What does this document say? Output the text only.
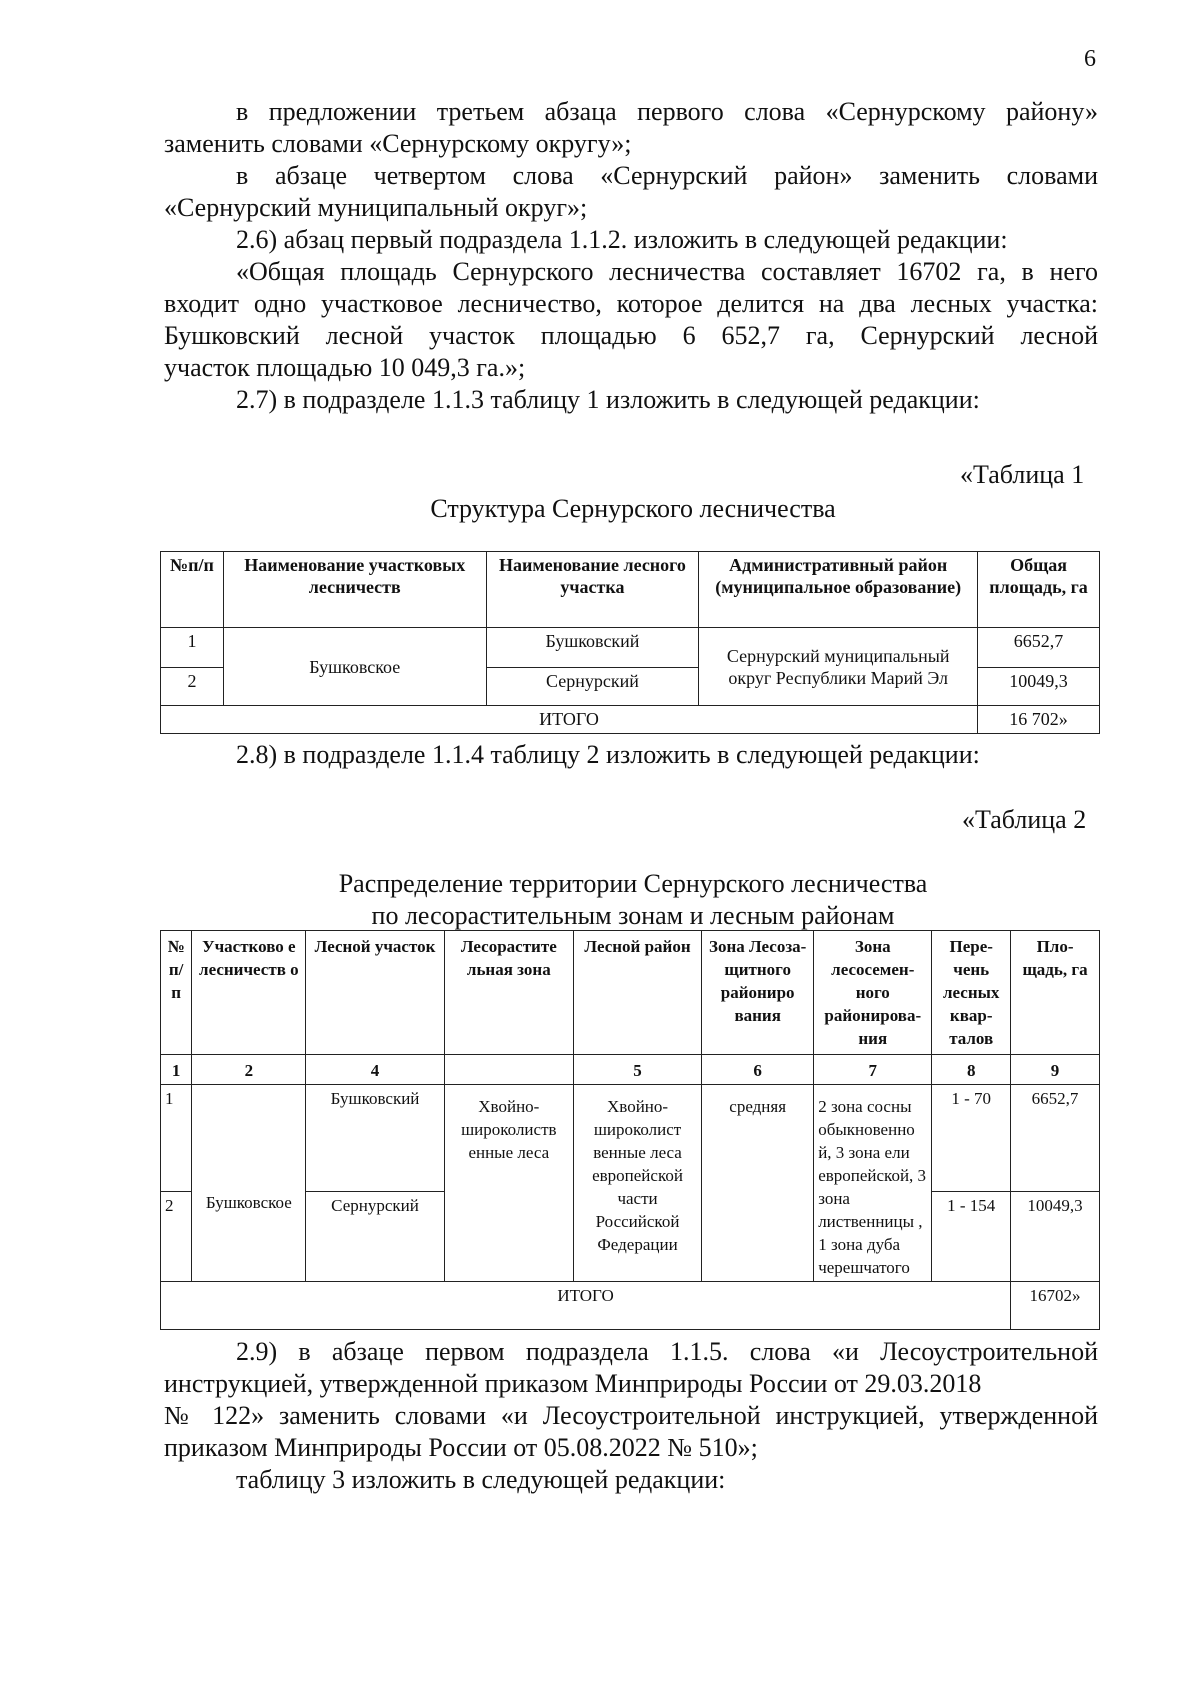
6

в предложении третьем абзаца первого слова «Сернурскому району»

заменить словами «Сернурскому округу»;

в абзаце четвертом слова «Сернурский район» заменить словами

«Сернурский муниципальный округ»;

2.6) абзац первый подраздела 1.1.2. изложить в следующей редакции:

«Общая площадь Сернурского лесничества составляет 16702 га, в него

входит одно участковое лесничество, которое делится на два лесных участка:

Бушковский лесной участок площадью 6 652,7 га, Сернурский лесной

участок площадью 10 049,3 га.»;

2.7) в подразделе 1.1.3 таблицу 1 изложить в следующей редакции:

«Таблица 1
Структура Сернурского лесничества
№п/п	Наименование участковых лесничеств	Наименование лесного участка	Административный район (муниципальное образование)	Общая площадь, га
1	Бушковское	Бушковский	Сернурский муниципальный округ Республики Марий Эл	6652,7
2		Сернурский		10049,3
ИТОГО				16 702»

2.8) в подразделе 1.1.4 таблицу 2 изложить в следующей редакции:

«Таблица 2
Распределение территории Сернурского лесничества
по лесорастительным зонам и лесным районам
№ п/ п	Участково е лесничеств о	Лесной участок	Лесорастите льная зона	Лесной район	Зона Лесоза- щитного райониро вания	Зона лесосемен- ного районирова- ния	Пере- чень лесных квар- талов	Пло- щадь, га
1	2	4		5	6	7	8	9
1	Бушковское	Бушковский	Хвойно- широколиств енные леса	Хвойно- широколист венные леса европейской части Российской Федерации	средняя	2 зона сосны обыкновенно й, 3 зона ели европейской, 3 зона лиственницы , 1 зона дуба черешчатого	1 - 70	6652,7
2		Сернурский					1 - 154	10049,3
ИТОГО								16702»

2.9) в абзаце первом подраздела 1.1.5. слова «и Лесоустроительной

инструкцией, утвержденной приказом Минприроды России от 29.03.2018

№ 122» заменить словами «и Лесоустроительной инструкцией, утвержденной

приказом Минприроды России от 05.08.2022 № 510»;

таблицу 3 изложить в следующей редакции:
